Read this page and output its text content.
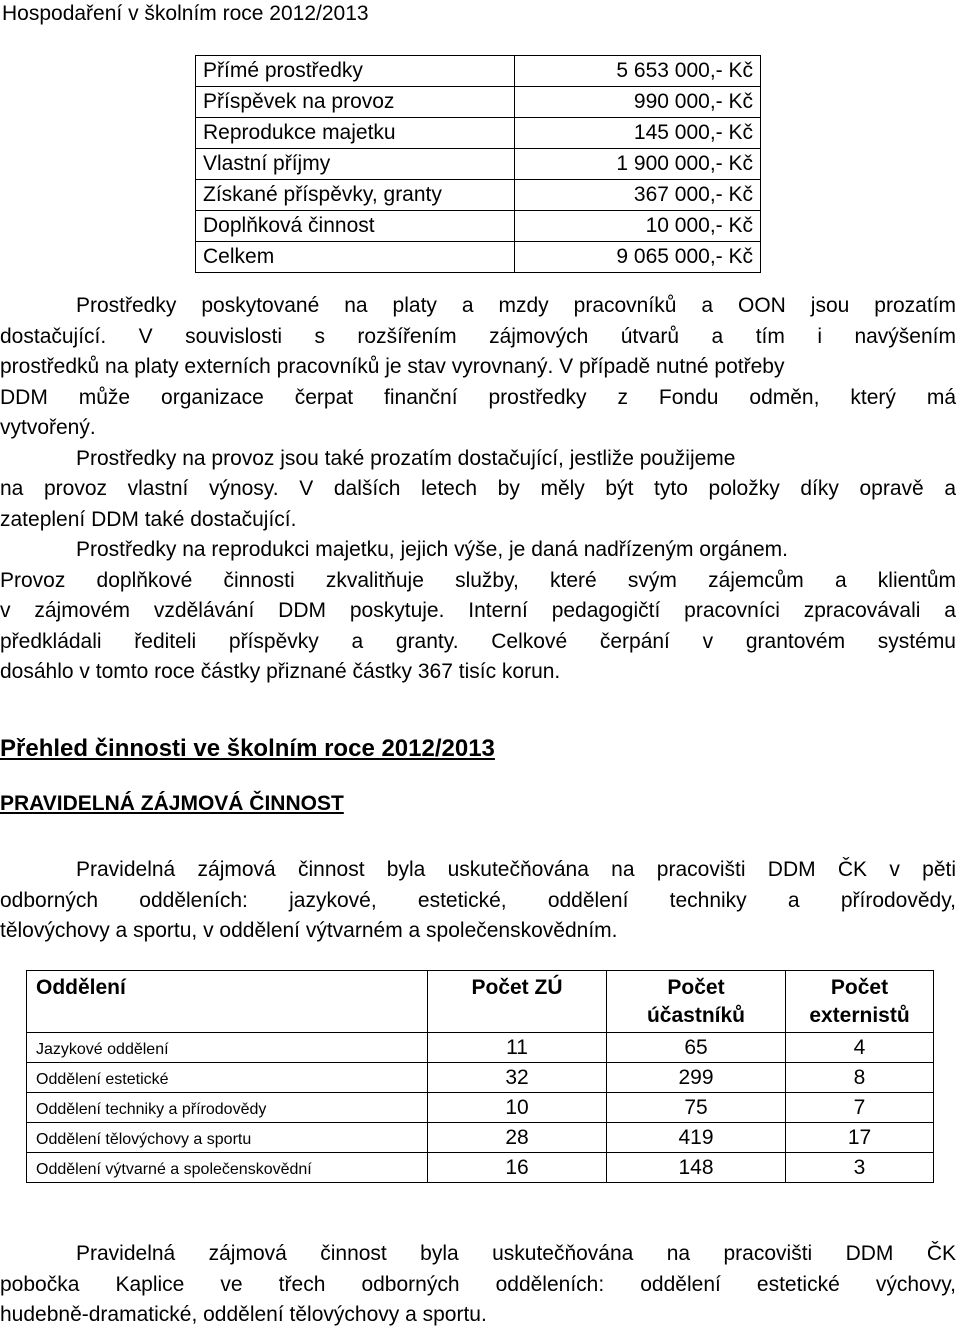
Hospodaření v školním roce 2012/2013
Přímé prostředky	5 653 000,- Kč
Příspěvek na provoz	990 000,- Kč
Reprodukce majetku	145 000,- Kč
Vlastní příjmy	1 900 000,- Kč
Získané příspěvky, granty	367 000,- Kč
Doplňková činnost	10 000,- Kč
Celkem	9 065 000,- Kč
Prostředky poskytované na platy a mzdy pracovníků a OON jsou prozatím
dostačující. V souvislosti s rozšířením zájmových útvarů a tím i navýšením
prostředků na platy externích pracovníků je stav vyrovnaný. V případě nutné potřeby
DDM může organizace čerpat finanční prostředky z Fondu odměn, který má
vytvořený.
Prostředky na provoz jsou také prozatím dostačující, jestliže použijeme
na provoz vlastní výnosy. V dalších letech by měly být tyto položky díky opravě a
zateplení DDM také dostačující.
Prostředky na reprodukci majetku, jejich výše, je daná nadřízeným orgánem.
Provoz doplňkové činnosti zkvalitňuje služby, které svým zájemcům a klientům
v zájmovém vzdělávání DDM poskytuje. Interní pedagogičtí pracovníci zpracovávali a
předkládali řediteli příspěvky a granty. Celkové čerpání v grantovém systému
dosáhlo v tomto roce částky přiznané částky 367 tisíc korun.
Přehled činnosti ve školním roce 2012/2013
PRAVIDELNÁ ZÁJMOVÁ ČINNOST
Pravidelná zájmová činnost byla uskutečňována na pracovišti DDM ČK v pěti
odborných odděleních: jazykové, estetické, oddělení techniky a přírodovědy,
tělovýchovy a sportu, v oddělení výtvarném a společenskovědním.
Oddělení	Počet ZÚ	Počet účastníků	Počet externistů
Jazykové oddělení	11	65	4
Oddělení estetické	32	299	8
Oddělení techniky a přírodovědy	10	75	7
Oddělení tělovýchovy a sportu	28	419	17
Oddělení výtvarné a společenskovědní	16	148	3
Pravidelná zájmová činnost byla uskutečňována na pracovišti DDM ČK
pobočka Kaplice ve třech odborných odděleních: oddělení estetické výchovy,
hudebně-dramatické, oddělení tělovýchovy a sportu.
